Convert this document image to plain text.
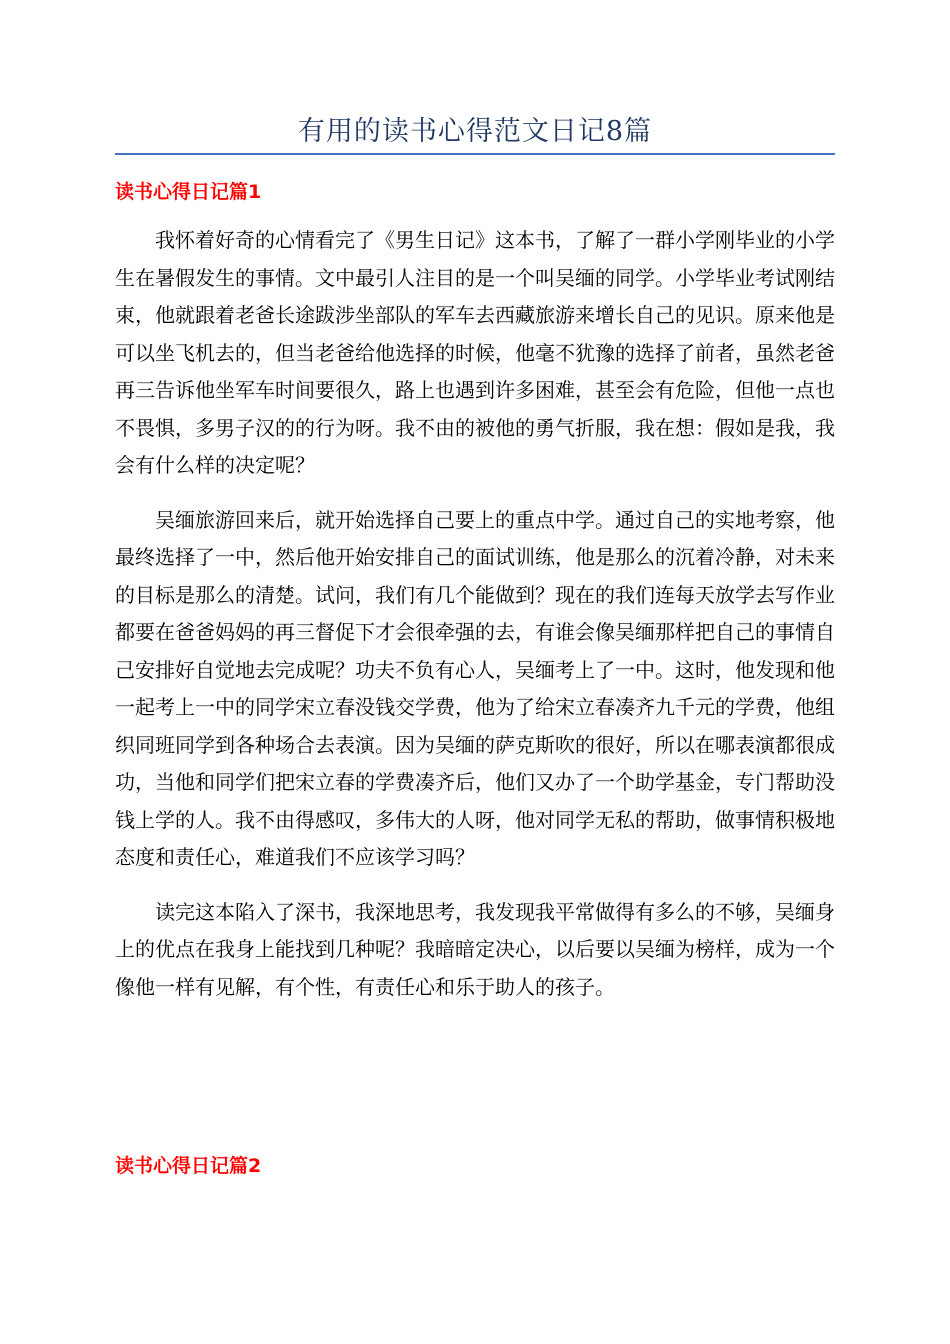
有用的读书心得范文日记8篇
读书心得日记篇1

我怀着好奇的心情看完了《男生日记》这本书，了解了一群小学刚毕业的小学生在暑假发生的事情。文中最引人注目的是一个叫吴缅的同学。小学毕业考试刚结束，他就跟着老爸长途跋涉坐部队的军车去西藏旅游来增长自己的见识。原来他是可以坐飞机去的，但当老爸给他选择的时候，他毫不犹豫的选择了前者，虽然老爸再三告诉他坐军车时间要很久，路上也遇到许多困难，甚至会有危险，但他一点也不畏惧，多男子汉的的行为呀。我不由的被他的勇气折服，我在想：假如是我，我会有什么样的决定呢？

吴缅旅游回来后，就开始选择自己要上的重点中学。通过自己的实地考察，他最终选择了一中，然后他开始安排自己的面试训练，他是那么的沉着冷静，对未来的目标是那么的清楚。试问，我们有几个能做到？现在的我们连每天放学去写作业都要在爸爸妈妈的再三督促下才会很牵强的去，有谁会像吴缅那样把自己的事情自己安排好自觉地去完成呢？功夫不负有心人，吴缅考上了一中。这时，他发现和他一起考上一中的同学宋立春没钱交学费，他为了给宋立春凑齐九千元的学费，他组织同班同学到各种场合去表演。因为吴缅的萨克斯吹的很好，所以在哪表演都很成功，当他和同学们把宋立春的学费凑齐后，他们又办了一个助学基金，专门帮助没钱上学的人。我不由得感叹，多伟大的人呀，他对同学无私的帮助，做事情积极地态度和责任心，难道我们不应该学习吗？

读完这本陷入了深书，我深地思考，我发现我平常做得有多么的不够，吴缅身上的优点在我身上能找到几种呢？我暗暗定决心，以后要以吴缅为榜样，成为一个像他一样有见解，有个性，有责任心和乐于助人的孩子。

读书心得日记篇2
